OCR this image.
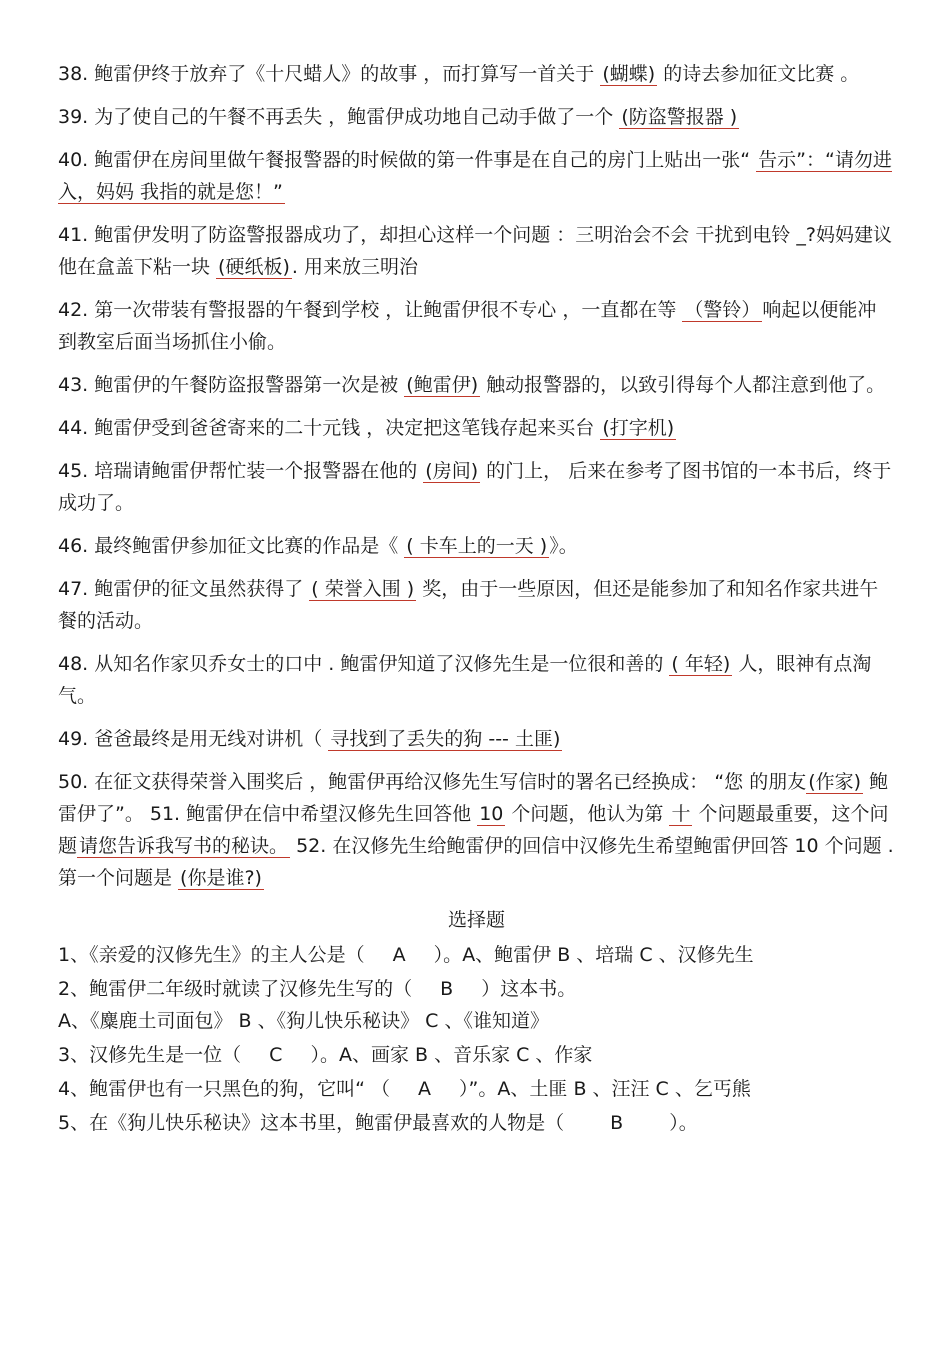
38. 鲍雷伊终于放弃了《十尺蜡人》的故事 ，而打算写一首关于 (蝴蝶) 的诗去参加征文比赛 。

39. 为了使自己的午餐不再丢失 ，鲍雷伊成功地自己动手做了一个 (防盗警报器 )

40. 鲍雷伊在房间里做午餐报警器的时候做的第一件事是在自己的房门上贴出一张“ 告示”：“请勿进入，妈妈 我指的就是您！”

41. 鲍雷伊发明了防盗警报器成功了，却担心这样一个问题 ：三明治会不会 干扰到电铃 _?妈妈建议他在盒盖下粘一块 (硬纸板) . 用来放三明治

42. 第一次带装有警报器的午餐到学校 ，让鲍雷伊很不专心 ，一直都在等 （警铃） 响起以便能冲到教室后面当场抓住小偷。

43. 鲍雷伊的午餐防盗报警器第一次是被 (鲍雷伊) 触动报警器的，以致引得每个人都注意到他了。

44. 鲍雷伊受到爸爸寄来的二十元钱 ，决定把这笔钱存起来买台 (打字机)

45. 培瑞请鲍雷伊帮忙装一个报警器在他的 (房间) 的门上， 后来在参考了图书馆的一本书后，终于成功了。

46. 最终鲍雷伊参加征文比赛的作品是《 ( 卡车上的一天 ) 》。

47. 鲍雷伊的征文虽然获得了 ( 荣誉入围 ) 奖，由于一些原因，但还是能参加了和知名作家共进午餐的活动。

48. 从知名作家贝乔女士的口中 . 鲍雷伊知道了汉修先生是一位很和善的 ( 年轻) 人，眼神有点淘气。

49. 爸爸最终是用无线对讲机（ 寻找到了丢失的狗 --- 土匪)

50. 在征文获得荣誉入围奖后 ，鲍雷伊再给汉修先生写信时的署名已经换成： “您 的朋友 (作家) 鲍雷伊了”。 51. 鲍雷伊在信中希望汉修先生回答他 10 个问题，他认为第 十 个问题最重要，这个问题 请您告诉我写书的秘诀。 52. 在汉修先生给鲍雷伊的回信中汉修先生希望鲍雷伊回答 10 个问题 . 第一个问题是 (你是谁?)

选择题

1、《亲爱的汉修先生》的主人公是（ A ）。A、鲍雷伊 B 、培瑞 C 、汉修先生

2、鲍雷伊二年级时就读了汉修先生写的（ B ）这本书。
A、《麋鹿土司面包》 B 、《狗儿快乐秘诀》 C 、《谁知道》

3、汉修先生是一位（ C ）。A、画家 B 、音乐家 C 、作家

4、鲍雷伊也有一只黑色的狗，它叫“ （ A ）”。A、土匪 B 、汪汪 C 、乞丐熊

5、在《狗儿快乐秘诀》这本书里，鲍雷伊最喜欢的人物是（ B ）。
